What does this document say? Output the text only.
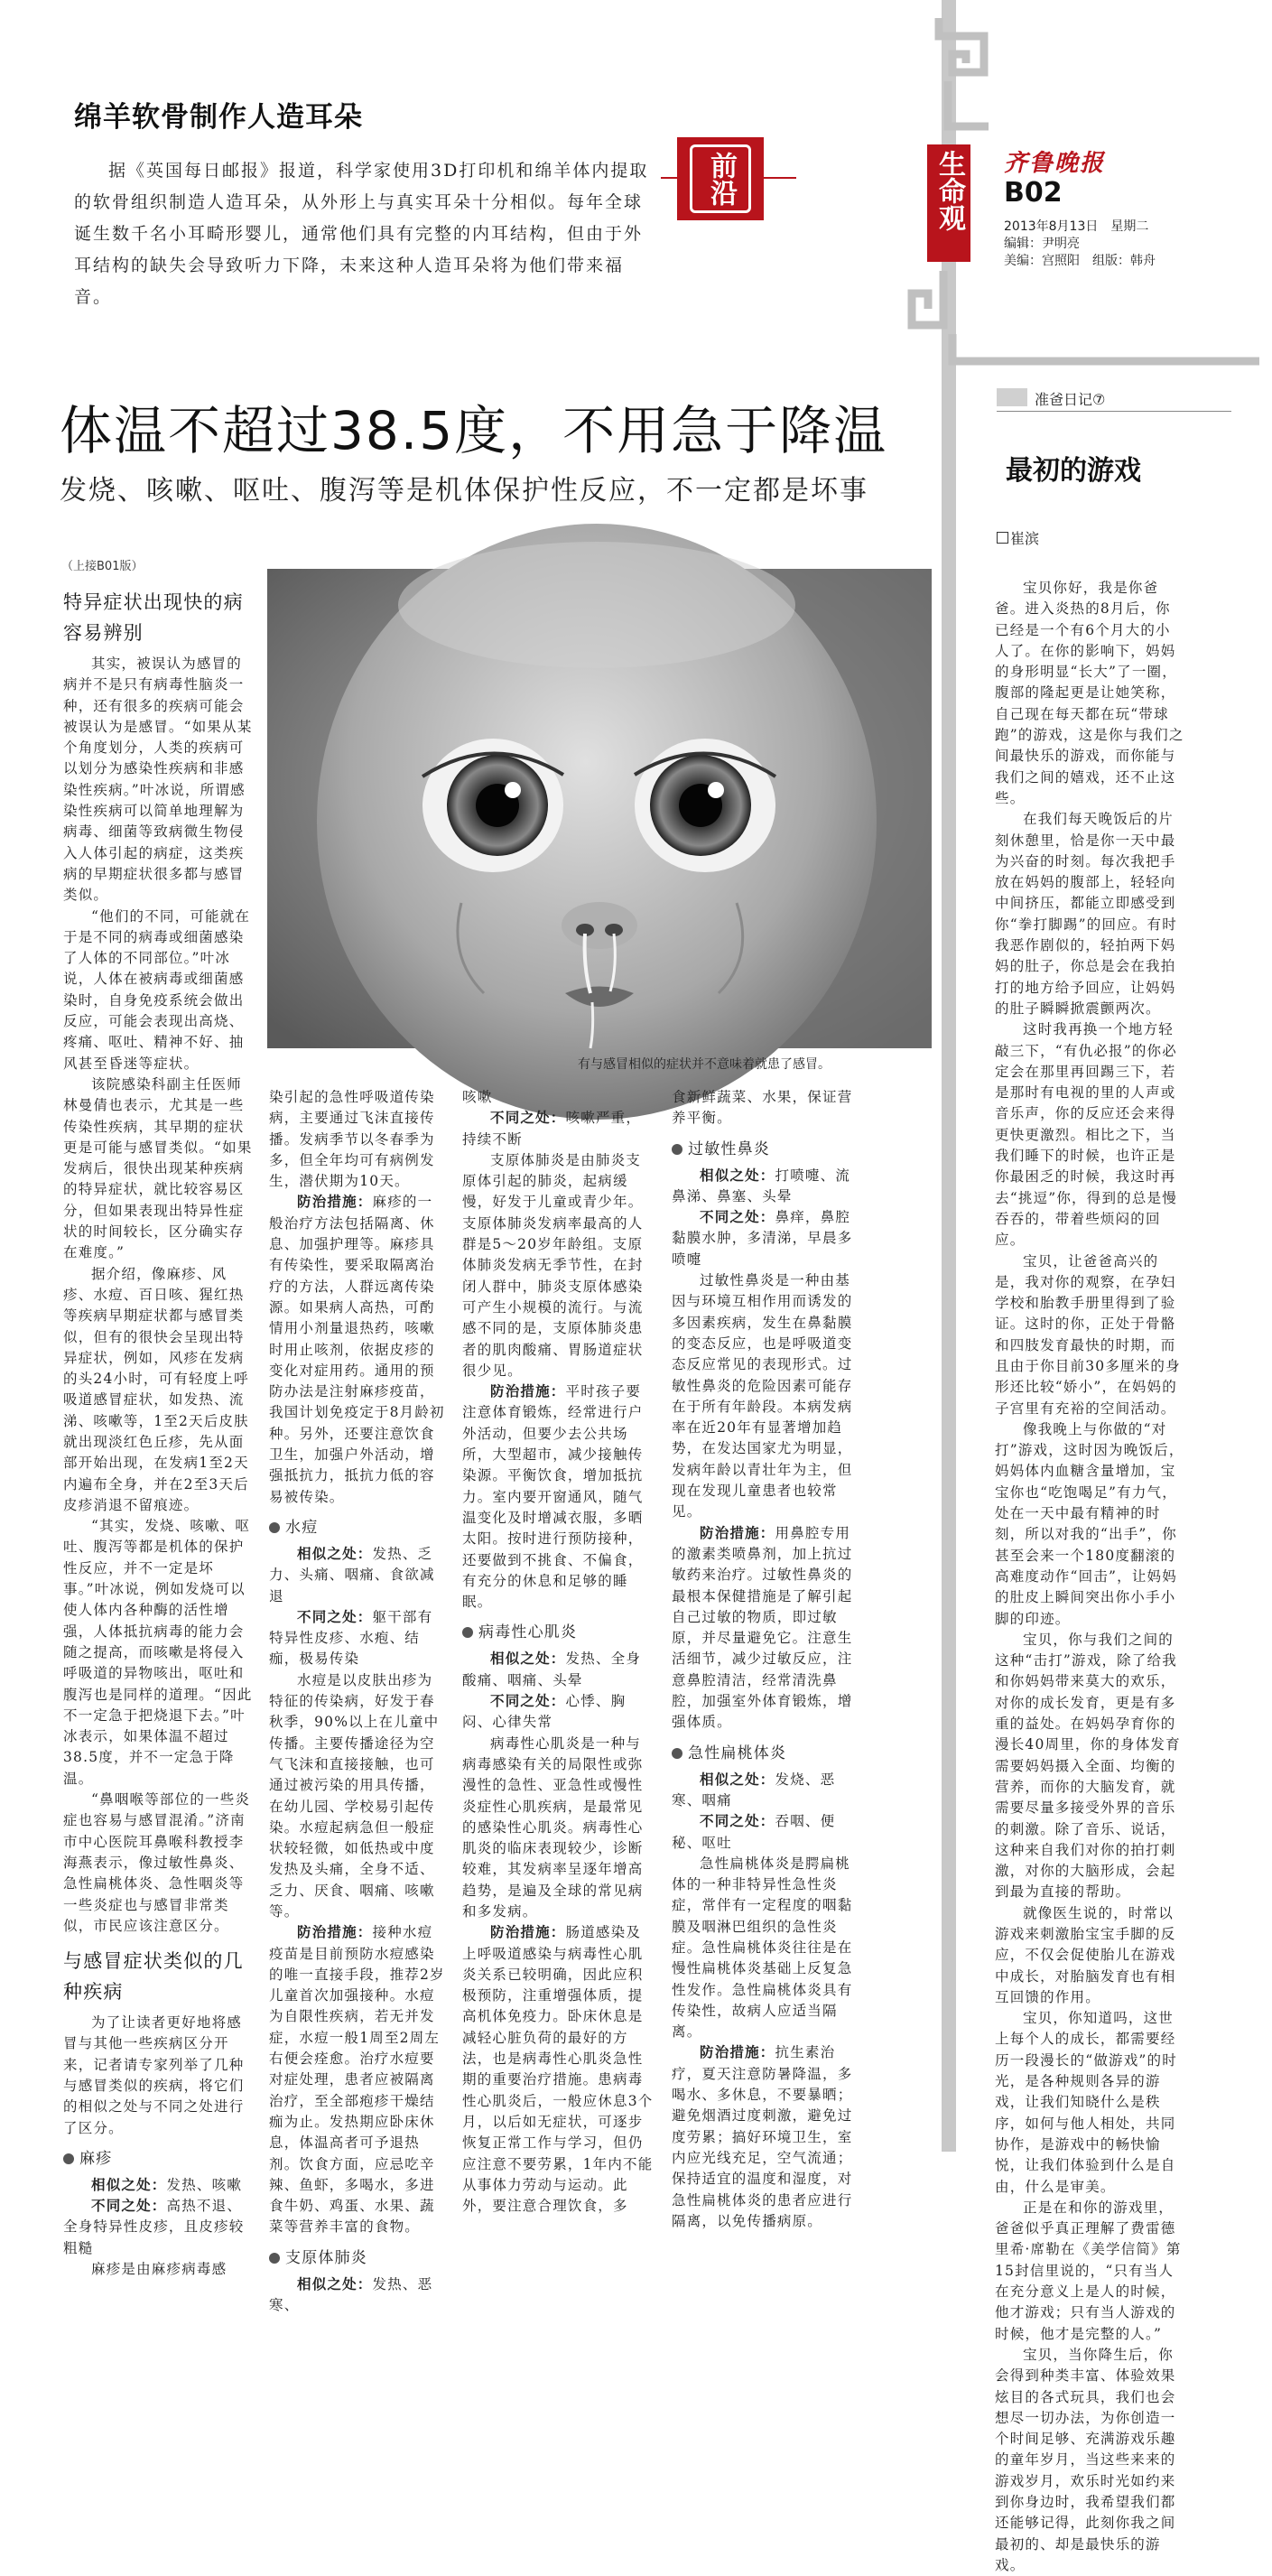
绵羊软骨制作人造耳朵
据《英国每日邮报》报道，科学家使用3D打印机和绵羊体内提取的软骨组织制造人造耳朵，从外形上与真实耳朵十分相似。每年全球诞生数千名小耳畸形婴儿，通常他们具有完整的内耳结构，但由于外耳结构的缺失会导致听力下降，未来这种人造耳朵将为他们带来福音。
前沿	生命观 齐鲁晚报
B02
2013年8月13日　星期二
编辑：尹明亮
美编：宫照阳　组版：韩舟
体温不超过38.5度，不用急于降温
发烧、咳嗽、呕吐、腹泻等是机体保护性反应，不一定都是坏事
（上接B01版）
有与感冒相似的症状并不意味着就患了感冒。
特异症状出现快的病容易辨别

其实，被误认为感冒的病并不是只有病毒性脑炎一种，还有很多的疾病可能会被误认为是感冒。“如果从某个角度划分，人类的疾病可以划分为感染性疾病和非感染性疾病。”叶冰说，所谓感染性疾病可以简单地理解为病毒、细菌等致病微生物侵入人体引起的病症，这类疾病的早期症状很多都与感冒类似。

“他们的不同，可能就在于是不同的病毒或细菌感染了人体的不同部位。”叶冰说，人体在被病毒或细菌感染时，自身免疫系统会做出反应，可能会表现出高烧、疼痛、呕吐、精神不好、抽风甚至昏迷等症状。

该院感染科副主任医师林曼倩也表示，尤其是一些传染性疾病，其早期的症状更是可能与感冒类似。“如果发病后，很快出现某种疾病的特异症状，就比较容易区分，但如果表现出特异性症状的时间较长，区分确实存在难度。”

据介绍，像麻疹、风疹、水痘、百日咳、猩红热等疾病早期症状都与感冒类似，但有的很快会呈现出特异症状，例如，风疹在发病的头24小时，可有轻度上呼吸道感冒症状，如发热、流涕、咳嗽等，1至2天后皮肤就出现淡红色丘疹，先从面部开始出现，在发病1至2天内遍布全身，并在2至3天后皮疹消退不留痕迹。

“其实，发烧、咳嗽、呕吐、腹泻等都是机体的保护性反应，并不一定是坏事。”叶冰说，例如发烧可以使人体内各种酶的活性增强，人体抵抗病毒的能力会随之提高，而咳嗽是将侵入呼吸道的异物咳出，呕吐和腹泻也是同样的道理。“因此不一定急于把烧退下去。”叶冰表示，如果体温不超过38.5度，并不一定急于降温。

“鼻咽喉等部位的一些炎症也容易与感冒混淆。”济南市中心医院耳鼻喉科教授李海燕表示，像过敏性鼻炎、急性扁桃体炎、急性咽炎等一些炎症也与感冒非常类似，市民应该注意区分。

与感冒症状类似的几种疾病

为了让读者更好地将感冒与其他一些疾病区分开来，记者请专家列举了几种与感冒类似的疾病，将它们的相似之处与不同之处进行了区分。

麻疹

相似之处：发热、咳嗽

不同之处：高热不退、全身特异性皮疹，且皮疹较粗糙

麻疹是由麻疹病毒感

染引起的急性呼吸道传染病，主要通过飞沫直接传播。发病季节以冬春季为多，但全年均可有病例发生，潜伏期为10天。

防治措施：麻疹的一般治疗方法包括隔离、休息、加强护理等。麻疹具有传染性，要采取隔离治疗的方法，人群远离传染源。如果病人高热，可酌情用小剂量退热药，咳嗽时用止咳剂，依据皮疹的变化对症用药。通用的预防办法是注射麻疹疫苗，我国计划免疫定于8月龄初种。另外，还要注意饮食卫生，加强户外活动，增强抵抗力，抵抗力低的容易被传染。

水痘

相似之处：发热、乏力、头痛、咽痛、食欲减退

不同之处：躯干部有特异性皮疹、水疱、结痂，极易传染

水痘是以皮肤出疹为特征的传染病，好发于春秋季，90%以上在儿童中传播。主要传播途径为空气飞沫和直接接触，也可通过被污染的用具传播，在幼儿园、学校易引起传染。水痘起病急但一般症状较轻微，如低热或中度发热及头痛，全身不适、乏力、厌食、咽痛、咳嗽等。

防治措施：接种水痘疫苗是目前预防水痘感染的唯一直接手段，推荐2岁儿童首次加强接种。水痘为自限性疾病，若无并发症，水痘一般1周至2周左右便会痊愈。治疗水痘要对症处理，患者应被隔离治疗，至全部疱疹干燥结痂为止。发热期应卧床休息，体温高者可予退热剂。饮食方面，应忌吃辛辣、鱼虾，多喝水，多进食牛奶、鸡蛋、水果、蔬菜等营养丰富的食物。

支原体肺炎

相似之处：发热、恶寒、

咳嗽

不同之处：咳嗽严重，持续不断

支原体肺炎是由肺炎支原体引起的肺炎，起病缓慢，好发于儿童或青少年。支原体肺炎发病率最高的人群是5～20岁年龄组。支原体肺炎发病无季节性，在封闭人群中，肺炎支原体感染可产生小规模的流行。与流感不同的是，支原体肺炎患者的肌肉酸痛、胃肠道症状很少见。

防治措施：平时孩子要注意体育锻炼，经常进行户外活动，但要少去公共场所，大型超市，减少接触传染源。平衡饮食，增加抵抗力。室内要开窗通风，随气温变化及时增减衣服，多晒太阳。按时进行预防接种，还要做到不挑食、不偏食，有充分的休息和足够的睡眠。

病毒性心肌炎

相似之处：发热、全身酸痛、咽痛、头晕

不同之处：心悸、胸闷、心律失常

病毒性心肌炎是一种与病毒感染有关的局限性或弥漫性的急性、亚急性或慢性炎症性心肌疾病，是最常见的感染性心肌炎。病毒性心肌炎的临床表现较少，诊断较难，其发病率呈逐年增高趋势，是遍及全球的常见病和多发病。

防治措施：肠道感染及上呼吸道感染与病毒性心肌炎关系已较明确，因此应积极预防，注重增强体质，提高机体免疫力。卧床休息是减轻心脏负荷的最好的方法，也是病毒性心肌炎急性期的重要治疗措施。患病毒性心肌炎后，一般应休息3个月，以后如无症状，可逐步恢复正常工作与学习，但仍应注意不要劳累，1年内不能从事体力劳动与运动。此外，要注意合理饮食，多

食新鲜蔬菜、水果，保证营养平衡。

过敏性鼻炎

相似之处：打喷嚏、流鼻涕、鼻塞、头晕

不同之处：鼻痒，鼻腔黏膜水肿，多清涕，早晨多喷嚏

过敏性鼻炎是一种由基因与环境互相作用而诱发的多因素疾病，发生在鼻黏膜的变态反应，也是呼吸道变态反应常见的表现形式。过敏性鼻炎的危险因素可能存在于所有年龄段。本病发病率在近20年有显著增加趋势，在发达国家尤为明显，发病年龄以青壮年为主，但现在发现儿童患者也较常见。

防治措施：用鼻腔专用的激素类喷鼻剂，加上抗过敏药来治疗。过敏性鼻炎的最根本保健措施是了解引起自己过敏的物质，即过敏原，并尽量避免它。注意生活细节，减少过敏反应，注意鼻腔清洁，经常清洗鼻腔，加强室外体育锻炼，增强体质。

急性扁桃体炎

相似之处：发烧、恶寒、咽痛

不同之处：吞咽、便秘、呕吐

急性扁桃体炎是腭扁桃体的一种非特异性急性炎症，常伴有一定程度的咽黏膜及咽淋巴组织的急性炎症。急性扁桃体炎往往是在慢性扁桃体炎基础上反复急性发作。急性扁桃体炎具有传染性，故病人应适当隔离。

防治措施：抗生素治疗，夏天注意防暑降温，多喝水、多休息，不要暴晒；避免烟酒过度刺激，避免过度劳累；搞好环境卫生，室内应光线充足，空气流通；保持适宜的温度和湿度，对急性扁桃体炎的患者应进行隔离，以免传播病原。

准爸日记⑦
最初的游戏
崔滨

宝贝你好，我是你爸爸。进入炎热的8月后，你已经是一个有6个月大的小人了。在你的影响下，妈妈的身形明显“长大”了一圈，腹部的隆起更是让她笑称，自己现在每天都在玩“带球跑”的游戏，这是你与我们之间最快乐的游戏，而你能与我们之间的嬉戏，还不止这些。

在我们每天晚饭后的片刻休憩里，恰是你一天中最为兴奋的时刻。每次我把手放在妈妈的腹部上，轻轻向中间挤压，都能立即感受到你“拳打脚踢”的回应。有时我恶作剧似的，轻拍两下妈妈的肚子，你总是会在我拍打的地方给予回应，让妈妈的肚子瞬瞬掀震颤两次。

这时我再换一个地方轻敲三下，“有仇必报”的你必定会在那里再回踢三下，若是那时有电视的里的人声或音乐声，你的反应还会来得更快更激烈。相比之下，当我们睡下的时候，也许正是你最困乏的时候，我这时再去“挑逗”你，得到的总是慢吞吞的，带着些烦闷的回应。

宝贝，让爸爸高兴的是，我对你的观察，在孕妇学校和胎教手册里得到了验证。这时的你，正处于骨骼和四肢发育最快的时期，而且由于你目前30多厘米的身形还比较“娇小”，在妈妈的子宫里有充裕的空间活动。

像我晚上与你做的“对打”游戏，这时因为晚饭后，妈妈体内血糖含量增加，宝宝你也“吃饱喝足”有力气，处在一天中最有精神的时刻，所以对我的“出手”，你甚至会来一个180度翻滚的高难度动作“回击”，让妈妈的肚皮上瞬间突出你小手小脚的印迹。

宝贝，你与我们之间的这种“击打”游戏，除了给我和你妈妈带来莫大的欢乐，对你的成长发育，更是有多重的益处。在妈妈孕育你的漫长40周里，你的身体发育需要妈妈摄入全面、均衡的营养，而你的大脑发育，就需要尽量多接受外界的音乐的刺激。除了音乐、说话，这种来自我们对你的拍打刺激，对你的大脑形成，会起到最为直接的帮助。

就像医生说的，时常以游戏来刺激胎宝宝手脚的反应，不仅会促使胎儿在游戏中成长，对胎脑发育也有相互回馈的作用。

宝贝，你知道吗，这世上每个人的成长，都需要经历一段漫长的“做游戏”的时光，是各种规则各异的游戏，让我们知晓什么是秩序，如何与他人相处，共同协作，是游戏中的畅快愉悦，让我们体验到什么是自由，什么是审美。

正是在和你的游戏里，爸爸似乎真正理解了费雷德里希·席勒在《美学信简》第15封信里说的，“只有当人在充分意义上是人的时候，他才游戏；只有当人游戏的时候，他才是完整的人。”

宝贝，当你降生后，你会得到种类丰富、体验效果炫目的各式玩具，我们也会想尽一切办法，为你创造一个时间足够、充满游戏乐趣的童年岁月，当这些来来的游戏岁月，欢乐时光如约来到你身边时，我希望我们都还能够记得，此刻你我之间最初的、却是最快乐的游戏。
